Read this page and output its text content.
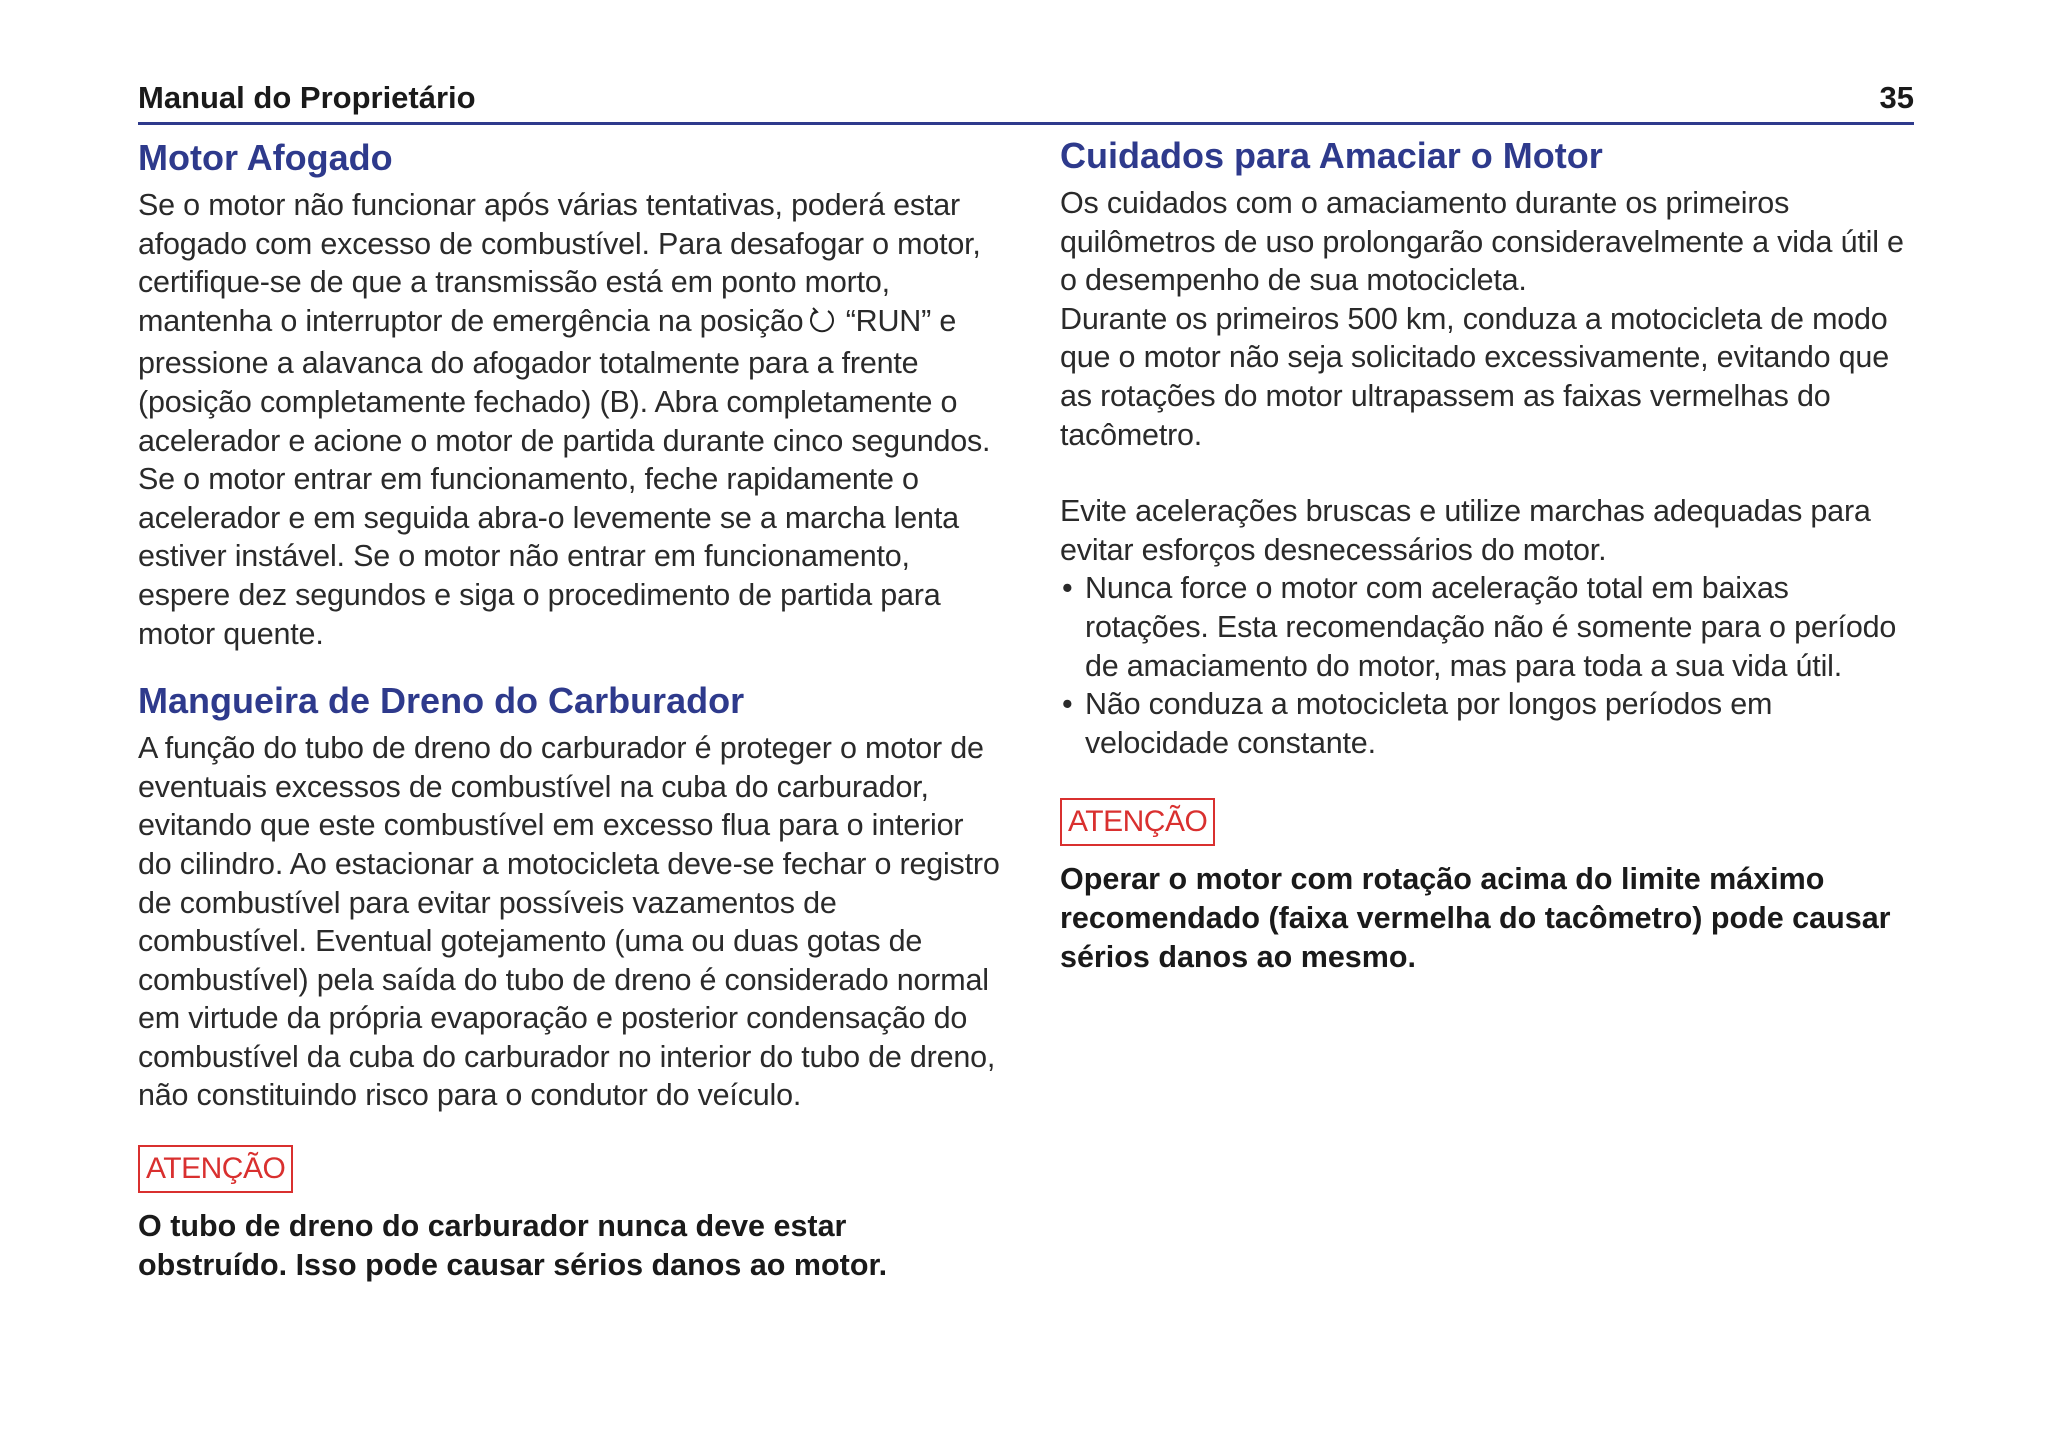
Manual do Proprietário	35
Motor Afogado

Se o motor não funcionar após várias tentativas, poderá estar afogado com excesso de combustível. Para desafogar o motor, certifique-se de que a transmissão está em ponto morto, mantenha o interruptor de emergência na posição “RUN” e pressione a alavanca do afogador totalmente para a frente (posição completamente fechado) (B). Abra completamente o acelerador e acione o motor de partida durante cinco segundos. Se o motor entrar em funcionamento, feche rapidamente o acelerador e em seguida abra-o levemente se a marcha lenta estiver instável. Se o motor não entrar em funcionamento, espere dez segundos e siga o procedimento de partida para motor quente.

Mangueira de Dreno do Carburador

A função do tubo de dreno do carburador é proteger o motor de eventuais excessos de combustível na cuba do carburador, evitando que este combustível em excesso flua para o interior do cilindro. Ao estacionar a motocicleta deve-se fechar o registro de combustível para evitar possíveis vazamentos de combustível. Eventual gotejamento (uma ou duas gotas de combustível) pela saída do tubo de dreno é considerado normal em virtude da própria evaporação e posterior condensação do combustível da cuba do carburador no interior do tubo de dreno, não constituindo risco para o condutor do veículo.

ATENÇÃO

O tubo de dreno do carburador nunca deve estar obstruído. Isso pode causar sérios danos ao motor.

Cuidados para Amaciar o Motor

Os cuidados com o amaciamento durante os primeiros quilômetros de uso prolongarão consideravelmente a vida útil e o desempenho de sua motocicleta.

Durante os primeiros 500 km, conduza a motocicleta de modo que o motor não seja solicitado excessivamente, evitando que as rotações do motor ultrapassem as faixas vermelhas do tacômetro.

Evite acelerações bruscas e utilize marchas adequadas para evitar esforços desnecessários do motor.

• Nunca force o motor com aceleração total em baixas rotações. Esta recomendação não é somente para o período de amaciamento do motor, mas para toda a sua vida útil.
• Não conduza a motocicleta por longos períodos em velocidade constante.
ATENÇÃO

Operar o motor com rotação acima do limite máximo recomendado (faixa vermelha do tacômetro) pode causar sérios danos ao mesmo.
